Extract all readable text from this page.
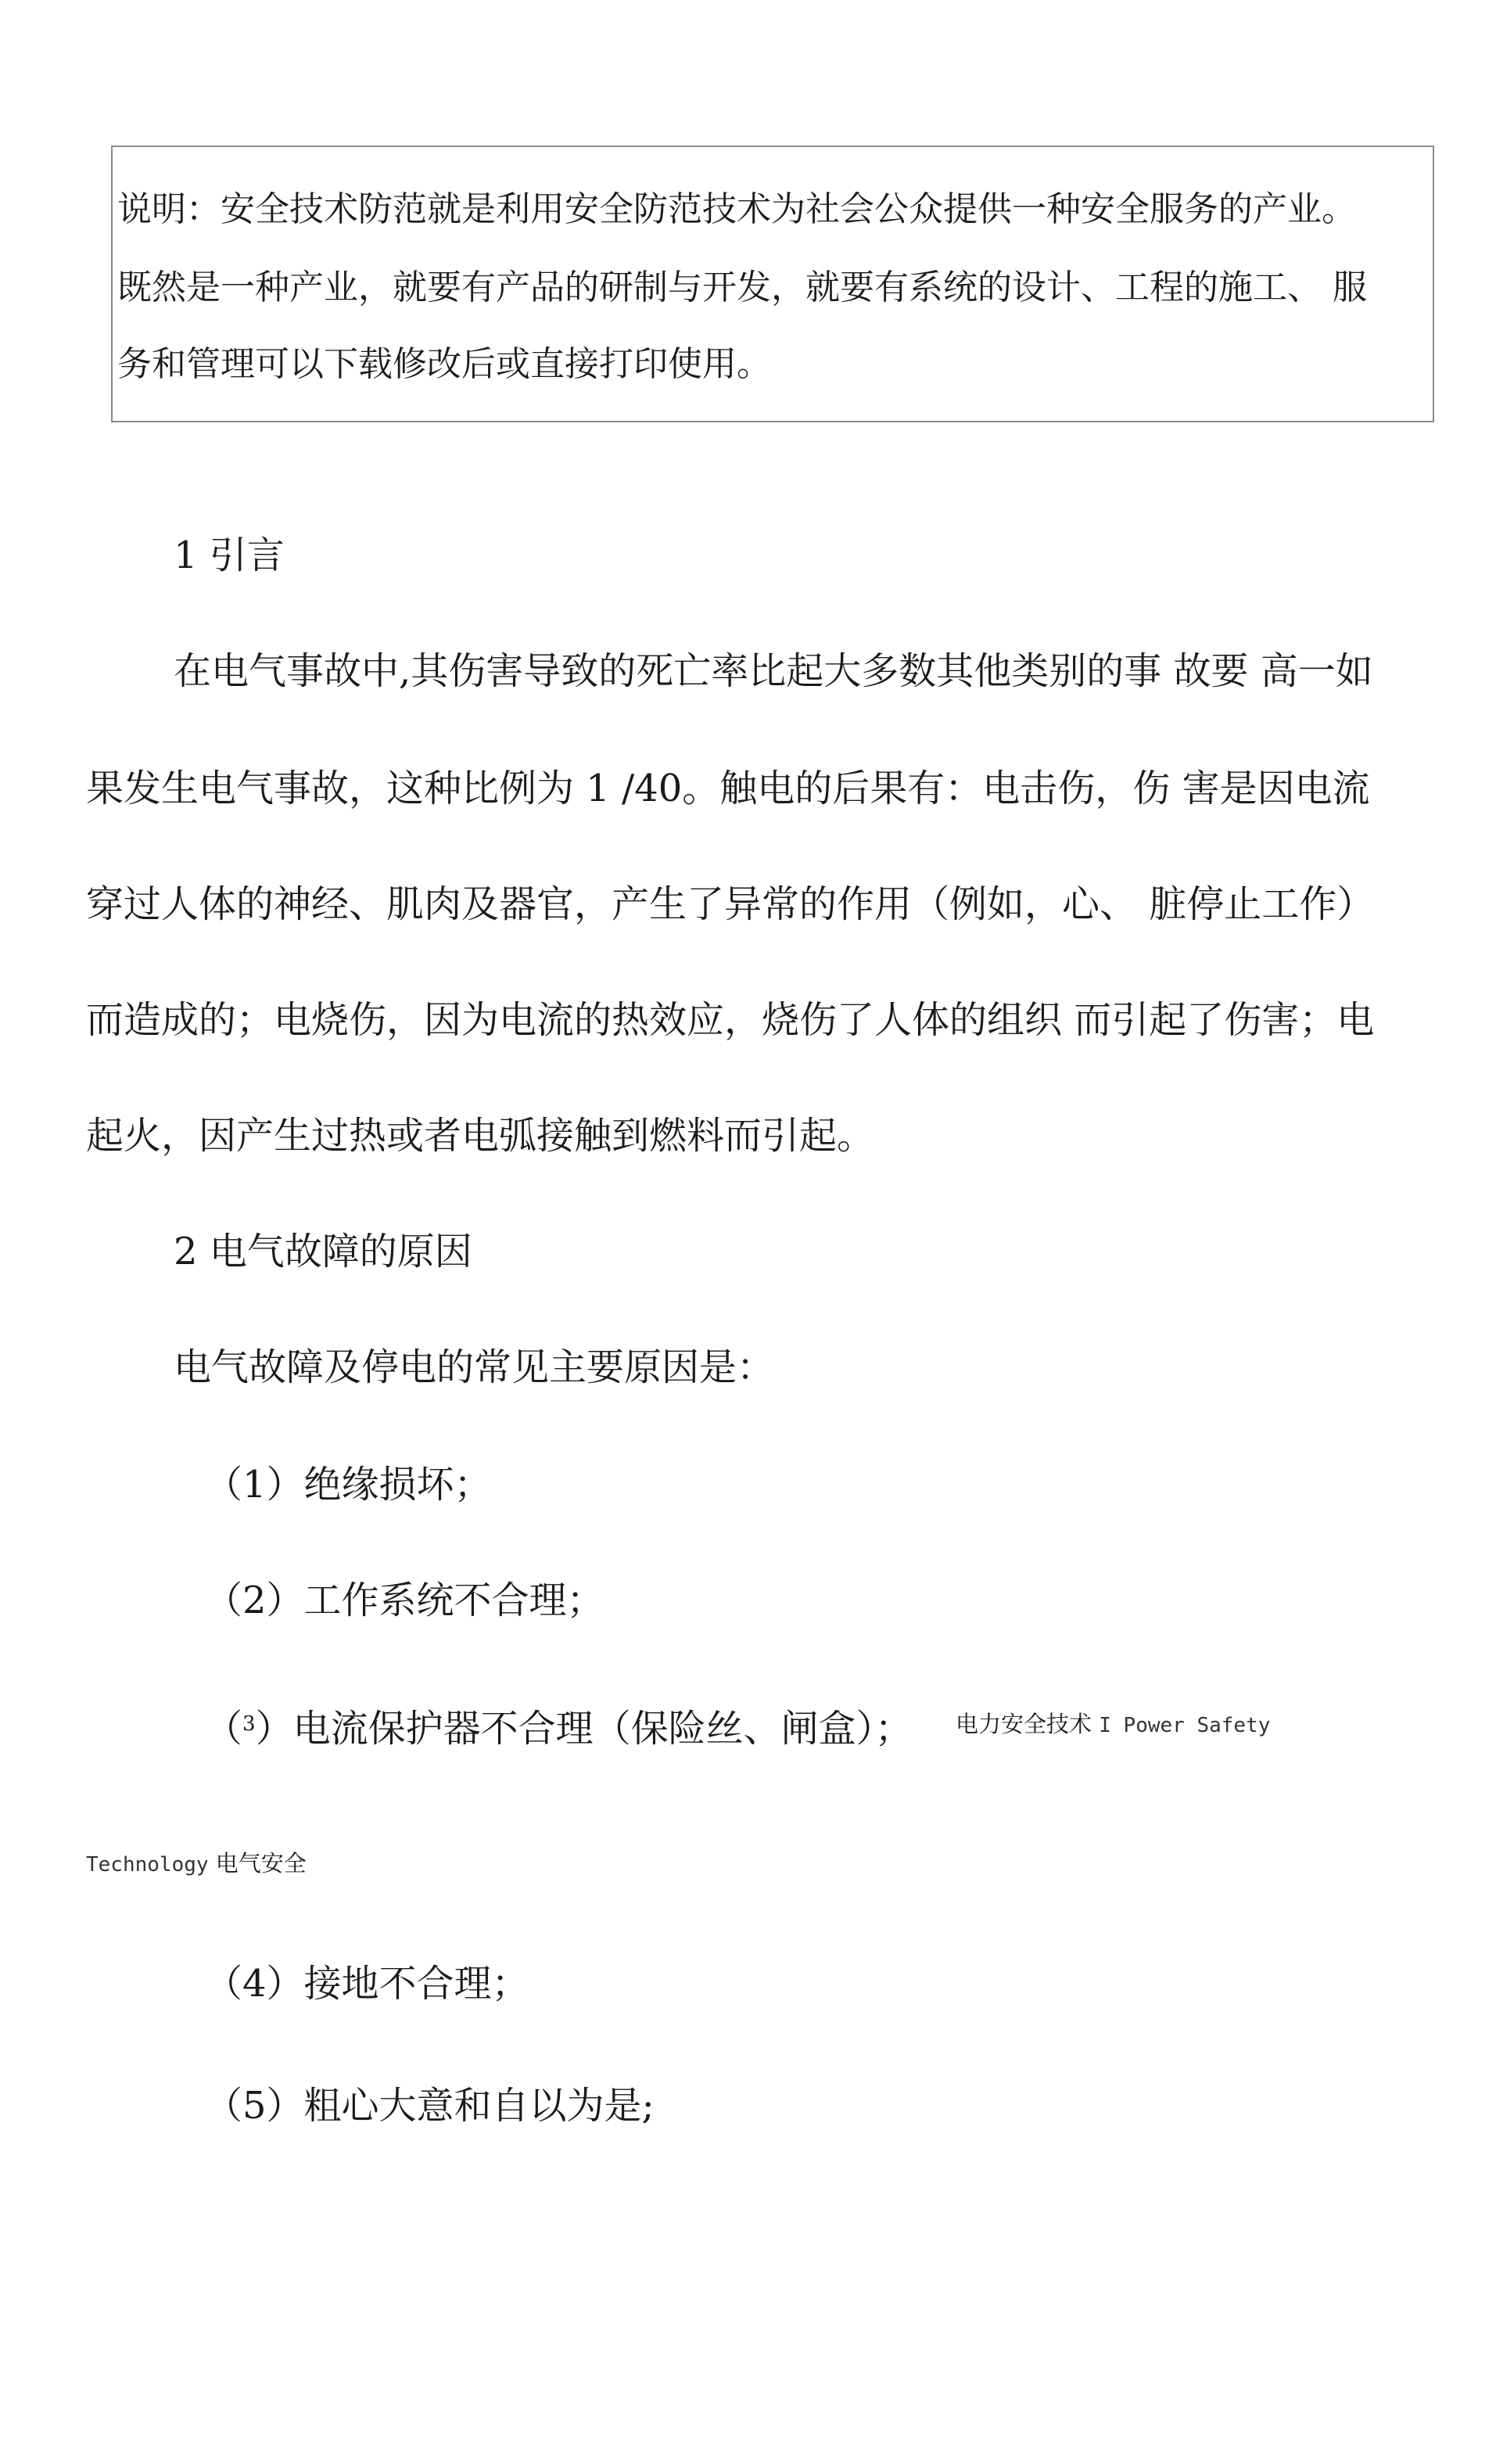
说明：安全技术防范就是利用安全防范技术为社会公众提供一种安全服务的产业。
既然是一种产业，就要有产品的研制与开发，就要有系统的设计、工程的施工、 服
务和管理可以下载修改后或直接打印使用。
1 引言
在电气事故中,其伤害导致的死亡率比起大多数其他类别的事 故要 高一如
果发生电气事故，这种比例为 1 /40。触电的后果有：电击伤，伤 害是因电流
穿过人体的神经、肌肉及器官，产生了异常的作用（例如，心、 脏停止工作）
而造成的；电烧伤，因为电流的热效应，烧伤了人体的组织 而引起了伤害；电
起火，因产生过热或者电弧接触到燃料而引起。
2 电气故障的原因
电气故障及停电的常见主要原因是：
（1）绝缘损坏；
（2）工作系统不合理；
（$^3$）电流保护器不合理（保险丝、闸盒）； 电力安全技术 I Power Safety
Technology 电气安全
（4）接地不合理；
（5）粗心大意和自以为是;
